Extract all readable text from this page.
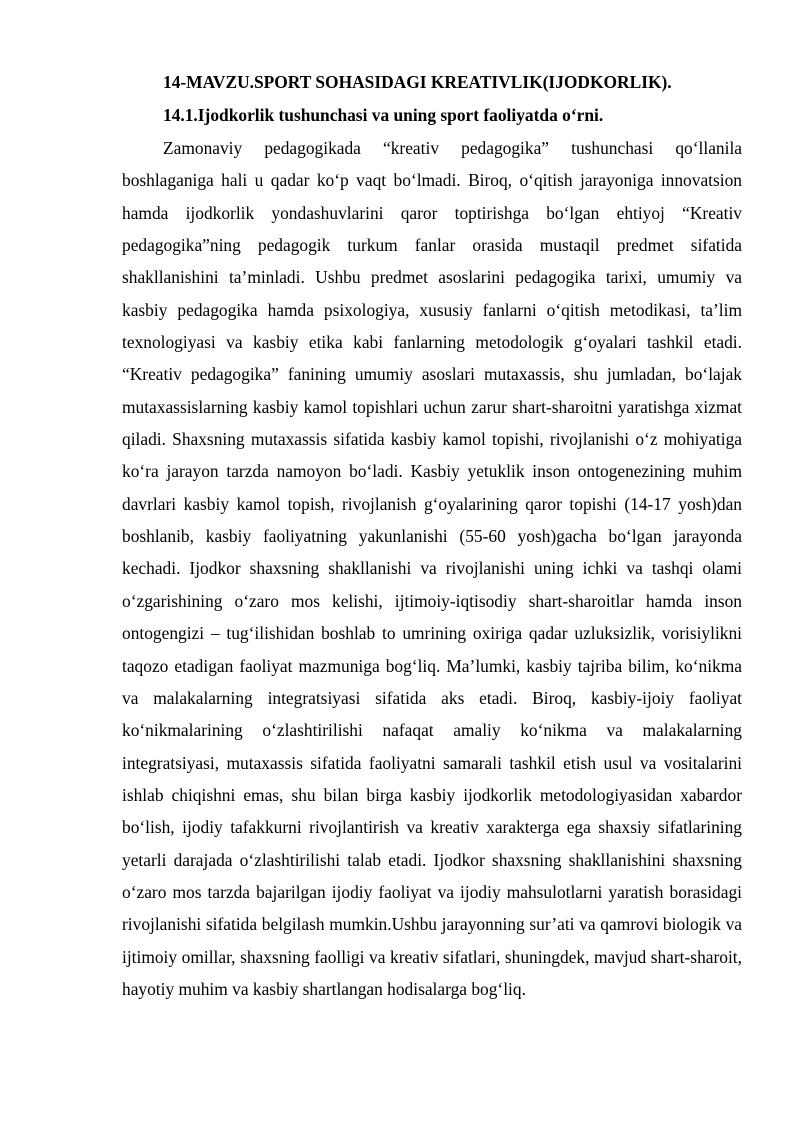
14-MAVZU.SPORT SOHASIDAGI KREATIVLIK(IJODKORLIK).
14.1.Ijodkorlik tushunchasi va uning sport faoliyatda o‘rni.

Zamonaviy pedagogikada “kreativ pedagogika” tushunchasi qo‘llanila boshlaganiga hali u qadar ko‘p vaqt bo‘lmadi. Biroq, o‘qitish jarayoniga innovatsion hamda ijodkorlik yondashuvlarini qaror toptirishga bo‘lgan ehtiyoj “Kreativ pedagogika”ning pedagogik turkum fanlar orasida mustaqil predmet sifatida shakllanishini ta’minladi. Ushbu predmet asoslarini pedagogika tarixi, umumiy va kasbiy pedagogika hamda psixologiya, xususiy fanlarni o‘qitish metodikasi, ta’lim texnologiyasi va kasbiy etika kabi fanlarning metodologik g‘oyalari tashkil etadi. “Kreativ pedagogika” fanining umumiy asoslari mutaxassis, shu jumladan, bo‘lajak mutaxassislarning kasbiy kamol topishlari uchun zarur shart-sharoitni yaratishga xizmat qiladi. Shaxsning mutaxassis sifatida kasbiy kamol topishi, rivojlanishi o‘z mohiyatiga ko‘ra jarayon tarzda namoyon bo‘ladi. Kasbiy yetuklik inson ontogenezining muhim davrlari kasbiy kamol topish, rivojlanish g‘oyalarining qaror topishi (14-17 yosh)dan boshlanib, kasbiy faoliyatning yakunlanishi (55-60 yosh)gacha bo‘lgan jarayonda kechadi. Ijodkor shaxsning shakllanishi va rivojlanishi uning ichki va tashqi olami o‘zgarishining o‘zaro mos kelishi, ijtimoiy-iqtisodiy shart-sharoitlar hamda inson ontogengizi – tug‘ilishidan boshlab to umrining oxiriga qadar uzluksizlik, vorisiylikni taqozo etadigan faoliyat mazmuniga bog‘liq. Ma’lumki, kasbiy tajriba bilim, ko‘nikma va malakalarning integratsiyasi sifatida aks etadi. Biroq, kasbiy-ijoiy faoliyat ko‘nikmalarining o‘zlashtirilishi nafaqat amaliy ko‘nikma va malakalarning integratsiyasi, mutaxassis sifatida faoliyatni samarali tashkil etish usul va vositalarini ishlab chiqishni emas, shu bilan birga kasbiy ijodkorlik metodologiyasidan xabardor bo‘lish, ijodiy tafakkurni rivojlantirish va kreativ xarakterga ega shaxsiy sifatlarining yetarli darajada o‘zlashtirilishi talab etadi. Ijodkor shaxsning shakllanishini shaxsning o‘zaro mos tarzda bajarilgan ijodiy faoliyat va ijodiy mahsulotlarni yaratish borasidagi rivojlanishi sifatida belgilash mumkin.Ushbu jarayonning sur’ati va qamrovi biologik va ijtimoiy omillar, shaxsning faolligi va kreativ sifatlari, shuningdek, mavjud shart-sharoit, hayotiy muhim va kasbiy shartlangan hodisalarga bog‘liq.
